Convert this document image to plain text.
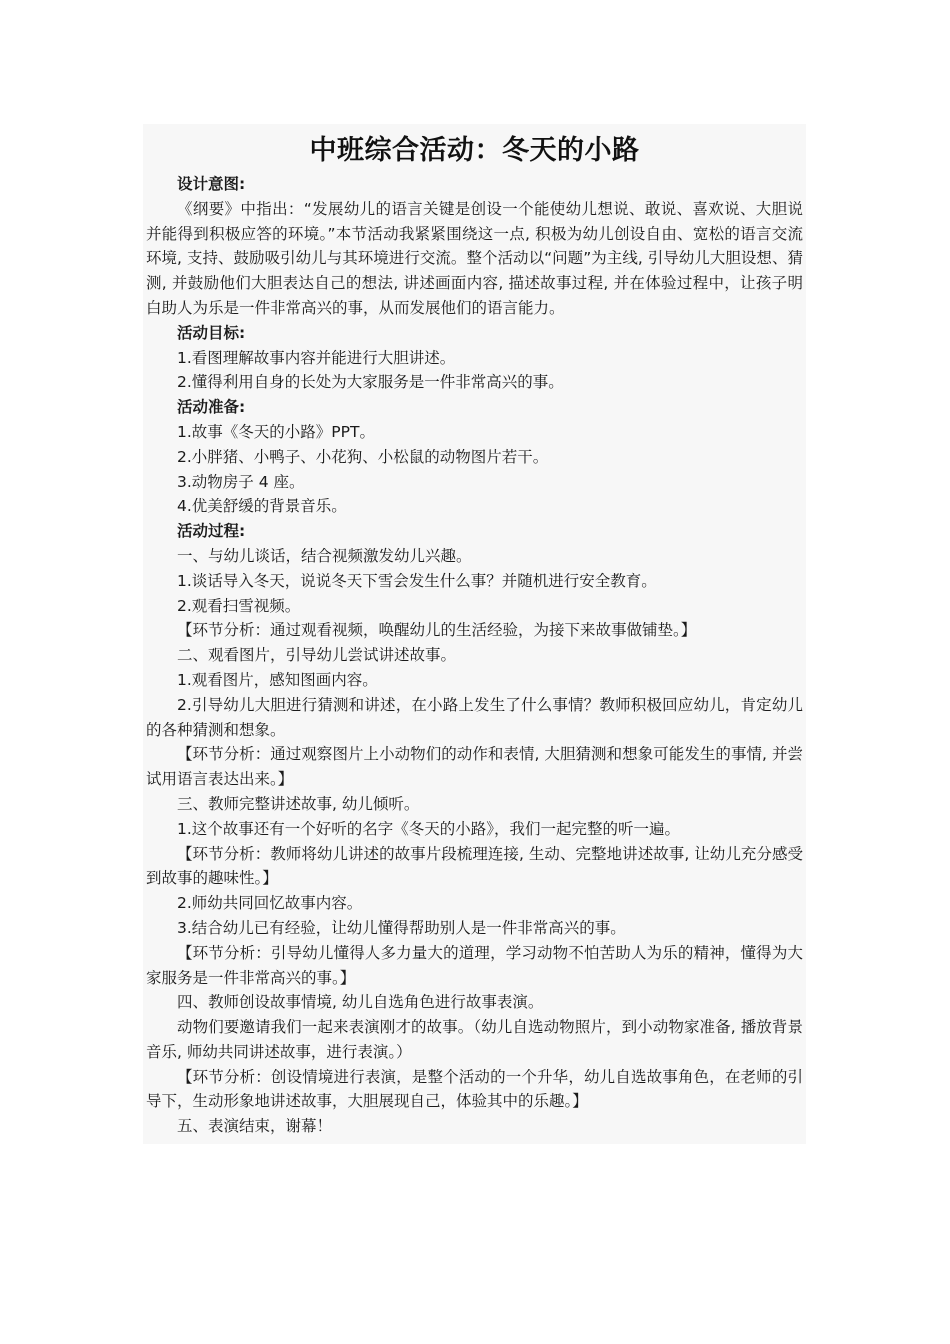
中班综合活动：冬天的小路

设计意图:

《纲要》中指出：“发展幼儿的语言关键是创设一个能使幼儿想说、敢说、喜欢说、大胆说并能得到积极应答的环境。”本节活动我紧紧围绕这一点, 积极为幼儿创设自由、宽松的语言交流环境, 支持、鼓励吸引幼儿与其环境进行交流。整个活动以“问题”为主线, 引导幼儿大胆设想、猜测, 并鼓励他们大胆表达自己的想法, 讲述画面内容, 描述故事过程, 并在体验过程中，让孩子明白助人为乐是一件非常高兴的事，从而发展他们的语言能力。

活动目标:

1.看图理解故事内容并能进行大胆讲述。

2.懂得利用自身的长处为大家服务是一件非常高兴的事。

活动准备:

1.故事《冬天的小路》PPT。

2.小胖猪、小鸭子、小花狗、小松鼠的动物图片若干。

3.动物房子 4 座。

4.优美舒缓的背景音乐。

活动过程:

一、与幼儿谈话，结合视频激发幼儿兴趣。

1.谈话导入冬天，说说冬天下雪会发生什么事？并随机进行安全教育。

2.观看扫雪视频。

【环节分析：通过观看视频，唤醒幼儿的生活经验，为接下来故事做铺垫。】

二、观看图片，引导幼儿尝试讲述故事。

1.观看图片，感知图画内容。

2.引导幼儿大胆进行猜测和讲述，在小路上发生了什么事情？教师积极回应幼儿，肯定幼儿的各种猜测和想象。

【环节分析：通过观察图片上小动物们的动作和表情, 大胆猜测和想象可能发生的事情, 并尝试用语言表达出来。】

三、教师完整讲述故事, 幼儿倾听。

1.这个故事还有一个好听的名字《冬天的小路》，我们一起完整的听一遍。

【环节分析：教师将幼儿讲述的故事片段梳理连接, 生动、完整地讲述故事, 让幼儿充分感受到故事的趣味性。】

2.师幼共同回忆故事内容。

3.结合幼儿已有经验，让幼儿懂得帮助别人是一件非常高兴的事。

【环节分析：引导幼儿懂得人多力量大的道理，学习动物不怕苦助人为乐的精神，懂得为大家服务是一件非常高兴的事。】

四、教师创设故事情境, 幼儿自选角色进行故事表演。

动物们要邀请我们一起来表演刚才的故事。（幼儿自选动物照片，到小动物家准备, 播放背景音乐, 师幼共同讲述故事，进行表演。）

【环节分析：创设情境进行表演，是整个活动的一个升华，幼儿自选故事角色，在老师的引导下，生动形象地讲述故事，大胆展现自己，体验其中的乐趣。】

五、表演结束，谢幕！
